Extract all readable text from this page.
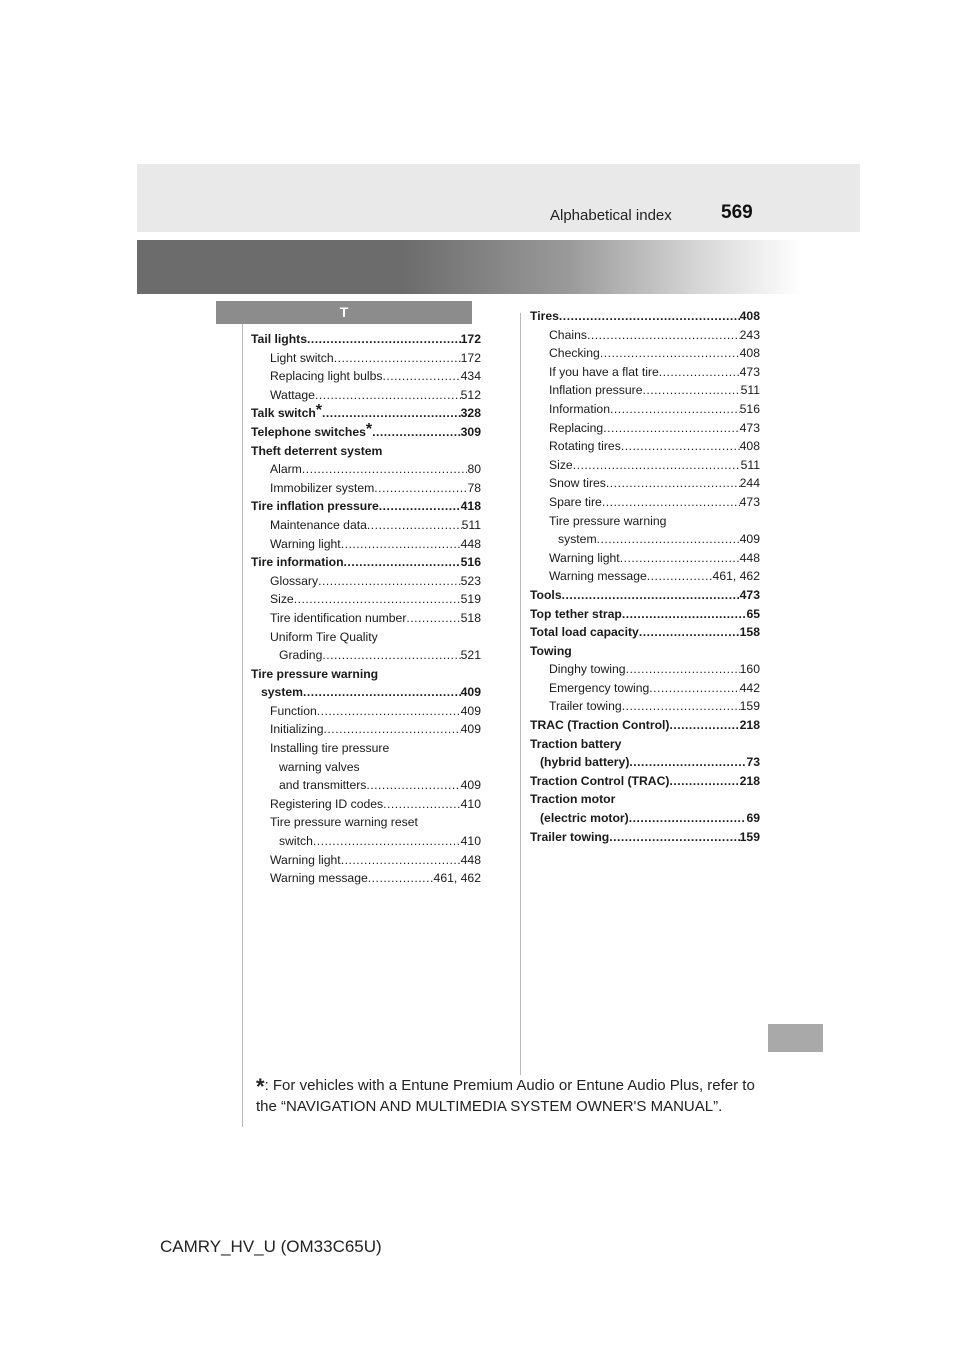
Alphabetical index	569
T
Tail lights .....	172
Light switch .....	172
Replacing light bulbs .....	434
Wattage .....	512
Talk switch* .....	328
Telephone switches* .....	309
Theft deterrent system
Alarm .....	80
Immobilizer system .....	78
Tire inflation pressure .....	418
Maintenance data .....	511
Warning light .....	448
Tire information .....	516
Glossary .....	523
Size .....	519
Tire identification number .....	518
Uniform Tire Quality
Grading .....	521
Tire pressure warning
system .....	409
Function .....	409
Initializing .....	409
Installing tire pressure
warning valves
and transmitters .....	409
Registering ID codes .....	410
Tire pressure warning reset
switch .....	410
Warning light .....	448
Warning message .....	461, 462
Tires .....	408
Chains .....	243
Checking .....	408
If you have a flat tire .....	473
Inflation pressure .....	511
Information .....	516
Replacing .....	473
Rotating tires .....	408
Size .....	511
Snow tires .....	244
Spare tire .....	473
Tire pressure warning
system .....	409
Warning light .....	448
Warning message .....	461, 462
Tools .....	473
Top tether strap .....	65
Total load capacity .....	158
Towing
Dinghy towing .....	160
Emergency towing .....	442
Trailer towing .....	159
TRAC (Traction Control) .....	218
Traction battery
(hybrid battery) .....	73
Traction Control (TRAC) .....	218
Traction motor
(electric motor) .....	69
Trailer towing .....	159
*: For vehicles with a Entune Premium Audio or Entune Audio Plus, refer to the “NAVIGATION AND MULTIMEDIA SYSTEM OWNER'S MANUAL”.
CAMRY_HV_U (OM33C65U)
